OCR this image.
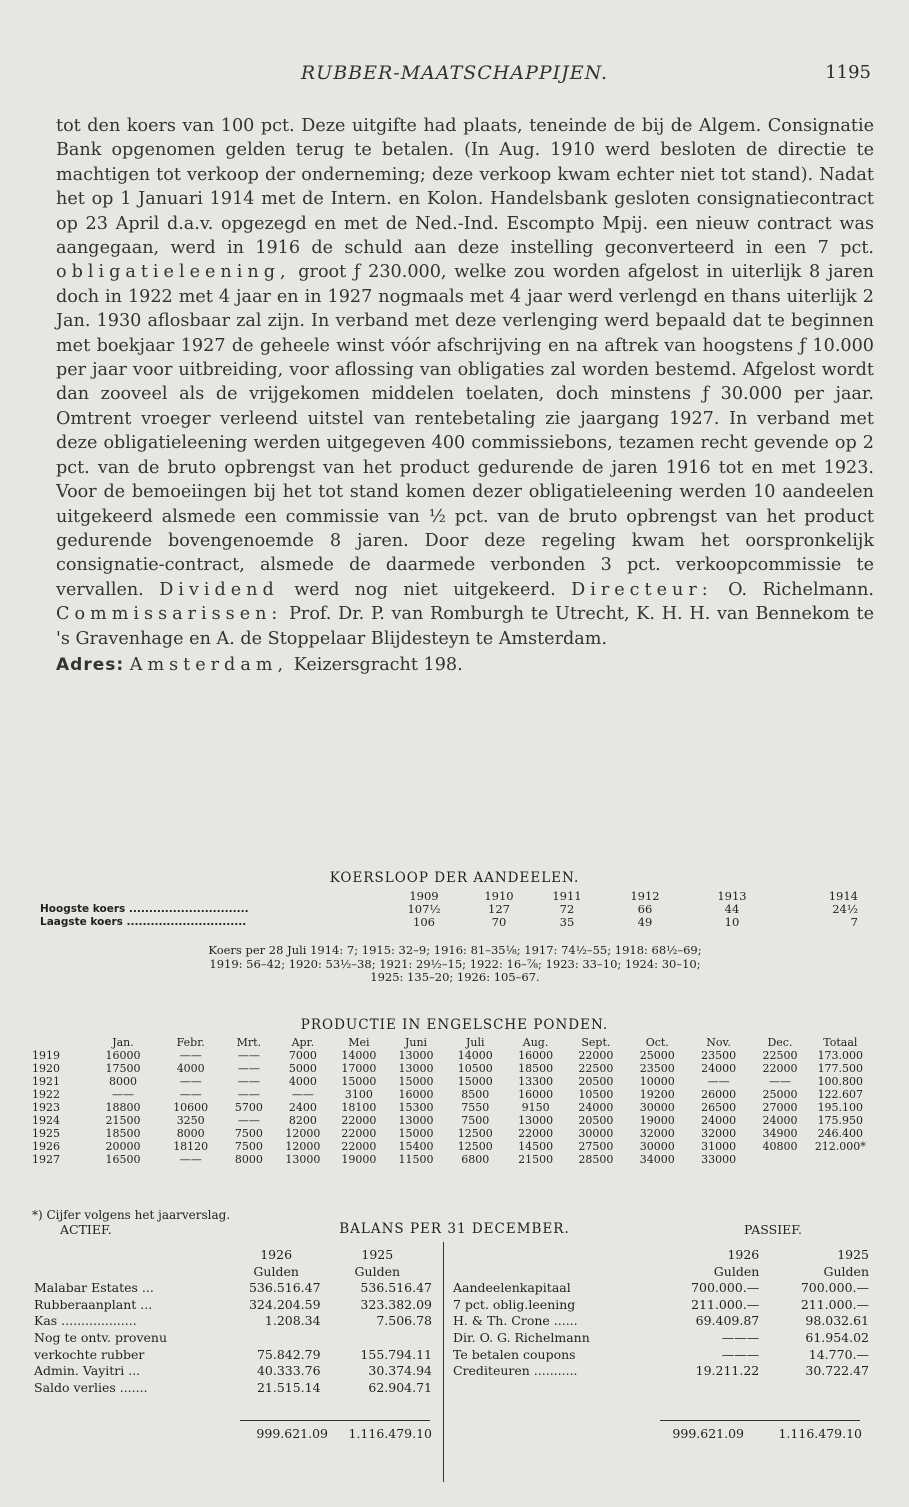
RUBBER-MAATSCHAPPIJEN.	1195

tot den koers van 100 pct. Deze uitgifte had plaats, teneinde de bij de Algem. Consignatie Bank opgenomen gelden terug te betalen. (In Aug. 1910 werd besloten de directie te machtigen tot verkoop der onderneming; deze verkoop kwam echter niet tot stand). Nadat het op 1 Januari 1914 met de Intern. en Kolon. Handelsbank gesloten consignatiecontract op 23 April d.a.v. opgezegd en met de Ned.-Ind. Escompto Mpij. een nieuw contract was aangegaan, werd in 1916 de schuld aan deze instelling geconverteerd in een 7 pct. obligatieleening, groot ƒ 230.000, welke zou worden afgelost in uiterlijk 8 jaren doch in 1922 met 4 jaar en in 1927 nogmaals met 4 jaar werd verlengd en thans uiterlijk 2 Jan. 1930 aflosbaar zal zijn. In verband met deze verlenging werd bepaald dat te beginnen met boekjaar 1927 de geheele winst vóór afschrijving en na aftrek van hoogstens ƒ 10.000 per jaar voor uitbreiding, voor aflossing van obligaties zal worden bestemd. Afgelost wordt dan zooveel als de vrijgekomen middelen toelaten, doch minstens ƒ 30.000 per jaar. Omtrent vroeger verleend uitstel van rentebetaling zie jaargang 1927. In verband met deze obligatieleening werden uitgegeven 400 commissiebons, tezamen recht gevende op 2 pct. van de bruto opbrengst van het product gedurende de jaren 1916 tot en met 1923. Voor de bemoeiingen bij het tot stand komen dezer obligatieleening werden 10 aandeelen uitgekeerd alsmede een commissie van ½ pct. van de bruto opbrengst van het product gedurende bovengenoemde 8 jaren. Door deze regeling kwam het oorspronkelijk consignatie-contract, alsmede de daarmede verbonden 3 pct. verkoopcommissie te vervallen. Dividend werd nog niet uitgekeerd. Directeur: O. Richelmann. Commissarissen: Prof. Dr. P. van Romburgh te Utrecht, K. H. H. van Bennekom te 's Gravenhage en A. de Stoppelaar Blijdesteyn te Amsterdam.

Adres: Amsterdam, Keizersgracht 198.

KOERSLOOP DER AANDEELEN.
	1909	1910	1911	1912	1913	1914
Hoogste koers ..............................	107½	127	72	66	44	24½
Laagste koers ..............................	106	70	35	49	10	7
Koers per 28 Juli 1914: 7; 1915: 32–9; 1916: 81–35⅛; 1917: 74½–55; 1918: 68½–69;
1919: 56–42; 1920: 53½–38; 1921: 29½–15; 1922: 16–⅞; 1923: 33–10; 1924: 30–10;
1925: 135–20; 1926: 105–67.
PRODUCTIE IN ENGELSCHE PONDEN.
	Jan.	Febr.	Mrt.	Apr.	Mei	Juni	Juli	Aug.	Sept.	Oct.	Nov.	Dec.	Totaal
1919	16000	——	——	7000	14000	13000	14000	16000	22000	25000	23500	22500	173.000
1920	17500	4000	——	5000	17000	13000	10500	18500	22500	23500	24000	22000	177.500
1921	8000	——	——	4000	15000	15000	15000	13300	20500	10000	——	——	100.800
1922	——	——	——	——	3100	16000	8500	16000	10500	19200	26000	25000	122.607
1923	18800	10600	5700	2400	18100	15300	7550	9150	24000	30000	26500	27000	195.100
1924	21500	3250	——	8200	22000	13000	7500	13000	20500	19000	24000	24000	175.950
1925	18500	8000	7500	12000	22000	15000	12500	22000	30000	32000	32000	34900	246.400
1926	20000	18120	7500	12000	22000	15400	12500	14500	27500	30000	31000	40800	212.000*
1927	16500	——	8000	13000	19000	11500	6800	21500	28500	34000	33000		
*) Cijfer volgens het jaarverslag.
ACTIEF.	BALANS PER 31 DECEMBER.	PASSIEF.
	1926	1925
	Gulden	Gulden
Malabar Estates ...	536.516.47	536.516.47
Rubberaanplant ...	324.204.59	323.382.09
Kas ...................	1.208.34	7.506.78
Nog te ontv. provenu		
verkochte rubber	75.842.79	155.794.11
Admin. Vayitri ...	40.333.76	30.374.94
Saldo verlies .......	21.515.14	62.904.71
	1926	1925
	Gulden	Gulden
Aandeelenkapitaal	700.000.—	700.000.—
7 pct. oblig.leening	211.000.—	211.000.—
H. & Th. Crone ......	69.409.87	98.032.61
Dir. O. G. Richelmann	———	61.954.02
Te betalen coupons	———	14.770.—
Crediteuren ...........	19.211.22	30.722.47
999.621.09 1.116.479.10	999.621.09	1.116.479.10
